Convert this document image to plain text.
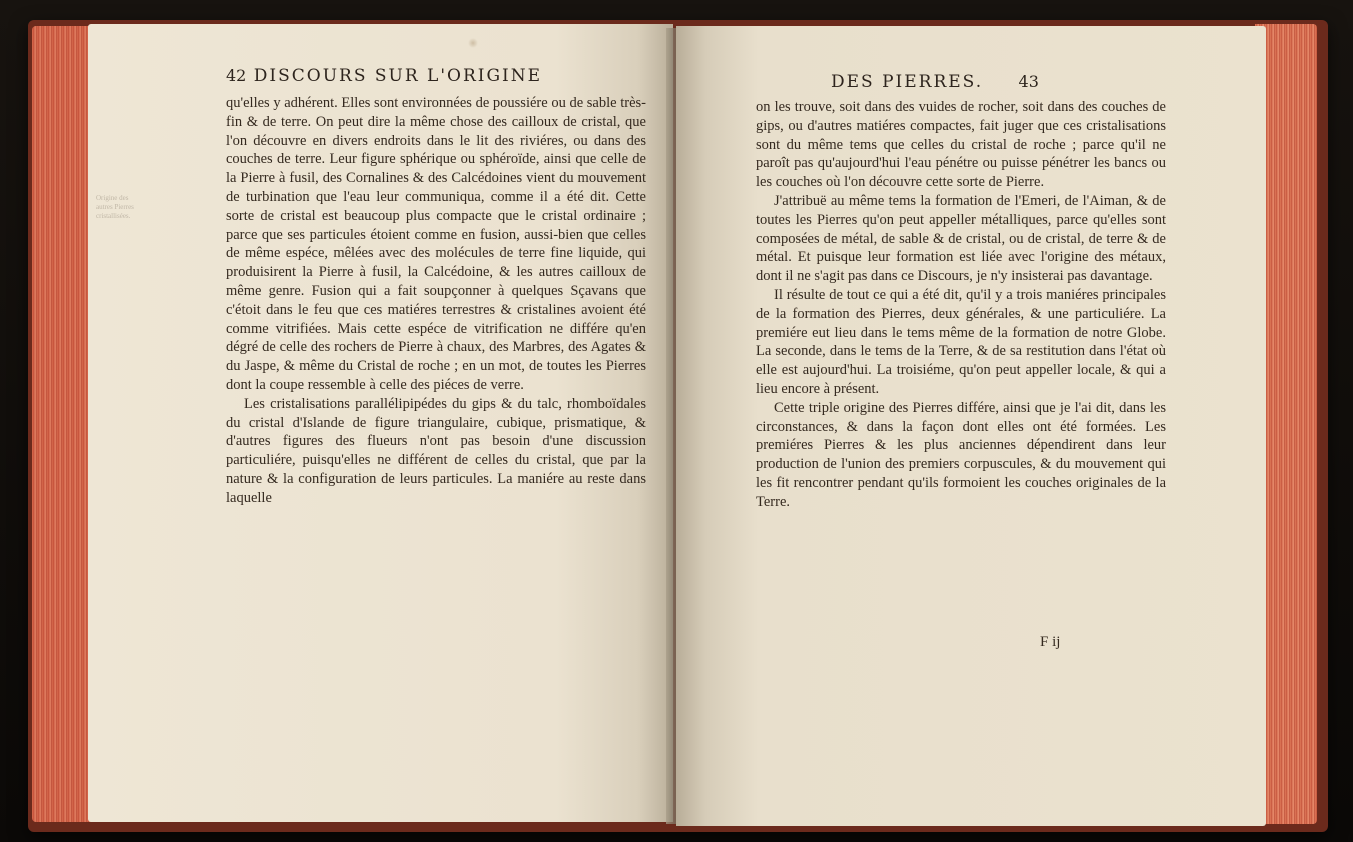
42 DISCOURS SUR L'ORIGINE
Origine des autres Pierres cristallisées.

qu'elles y adhérent. Elles sont environnées de poussiére ou de sable très-fin & de terre. On peut dire la même chose des cailloux de cristal, que l'on découvre en divers endroits dans le lit des riviéres, ou dans des couches de terre. Leur figure sphérique ou sphéroïde, ainsi que celle de la Pierre à fusil, des Cornalines & des Calcédoines vient du mouvement de turbination que l'eau leur communiqua, comme il a été dit. Cette sorte de cristal est beaucoup plus compacte que le cristal ordinaire ; parce que ses particules étoient comme en fusion, aussi-bien que celles de même espéce, mêlées avec des molécules de terre fine liquide, qui produisirent la Pierre à fusil, la Calcédoine, & les autres cailloux de même genre. Fusion qui a fait soupçonner à quelques Sçavans que c'étoit dans le feu que ces matiéres terrestres & cristalines avoient été comme vitrifiées. Mais cette espéce de vitrification ne différe qu'en dégré de celle des rochers de Pierre à chaux, des Marbres, des Agates & du Jaspe, & même du Cristal de roche ; en un mot, de toutes les Pierres dont la coupe ressemble à celle des piéces de verre.

Les cristalisations parallélipipédes du gips & du talc, rhomboïdales du cristal d'Islande de figure triangulaire, cubique, prismatique, & d'autres figures des flueurs n'ont pas besoin d'une discussion particuliére, puisqu'elles ne différent de celles du cristal, que par la nature & la configuration de leurs particules. La maniére au reste dans laquelle

DES PIERRES. 43

on les trouve, soit dans des vuides de rocher, soit dans des couches de gips, ou d'autres matiéres compactes, fait juger que ces cristalisations sont du même tems que celles du cristal de roche ; parce qu'il ne paroît pas qu'aujourd'hui l'eau pénétre ou puisse pénétrer les bancs ou les couches où l'on découvre cette sorte de Pierre.

J'attribuë au même tems la formation de l'Emeri, de l'Aiman, & de toutes les Pierres qu'on peut appeller métalliques, parce qu'elles sont composées de métal, de sable & de cristal, ou de cristal, de terre & de métal. Et puisque leur formation est liée avec l'origine des métaux, dont il ne s'agit pas dans ce Discours, je n'y insisterai pas davantage.

Il résulte de tout ce qui a été dit, qu'il y a trois maniéres principales de la formation des Pierres, deux générales, & une particuliére. La premiére eut lieu dans le tems même de la formation de notre Globe. La seconde, dans le tems de la Terre, & de sa restitution dans l'état où elle est aujourd'hui. La troisiéme, qu'on peut appeller locale, & qui a lieu encore à présent.

Cette triple origine des Pierres différe, ainsi que je l'ai dit, dans les circonstances, & dans la façon dont elles ont été formées. Les premiéres Pierres & les plus anciennes dépendirent dans leur production de l'union des premiers corpuscules, & du mouvement qui les fit rencontrer pendant qu'ils formoient les couches originales de la Terre.

F ij
